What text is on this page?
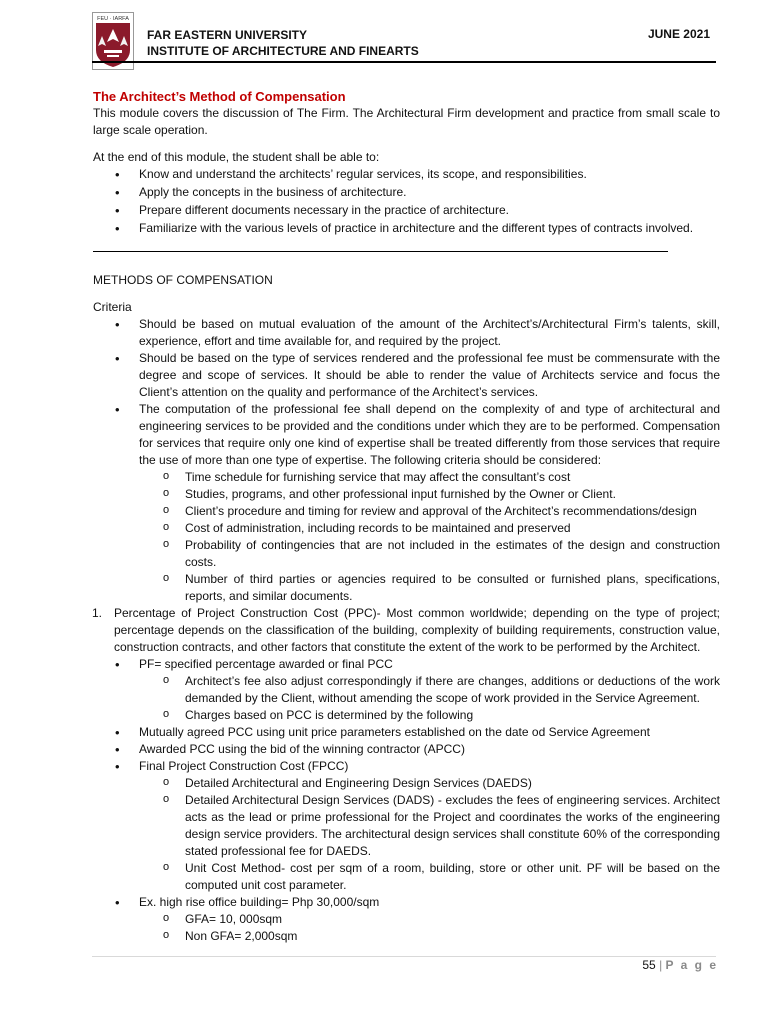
FEU · IARFA
FAR EASTERN UNIVERSITY
INSTITUTE OF ARCHITECTURE AND FINEARTS
JUNE 2021

The Architect’s Method of Compensation

This module covers the discussion of The Firm. The Architectural Firm development and practice from small scale to large scale operation.

At the end of this module, the student shall be able to:

• Know and understand the architects’ regular services, its scope, and responsibilities.
• Apply the concepts in the business of architecture.
• Prepare different documents necessary in the practice of architecture.
• Familiarize with the various levels of practice in architecture and the different types of contracts involved.

METHODS OF COMPENSATION

Criteria

• Should be based on mutual evaluation of the amount of the Architect’s/Architectural Firm’s talents, skill, experience, effort and time available for, and required by the project.
• Should be based on the type of services rendered and the professional fee must be commensurate with the degree and scope of services. It should be able to render the value of Architects service and focus the Client’s attention on the quality and performance of the Architect’s services.
• The computation of the professional fee shall depend on the complexity of and type of architectural and engineering services to be provided and the conditions under which they are to be performed. Compensation for services that require only one kind of expertise shall be treated differently from those services that require the use of more than one type of expertise. The following criteria should be considered:
o Time schedule for furnishing service that may affect the consultant’s cost
o Studies, programs, and other professional input furnished by the Owner or Client.
o Client’s procedure and timing for review and approval of the Architect’s recommendations/design
o Cost of administration, including records to be maintained and preserved
o Probability of contingencies that are not included in the estimates of the design and construction costs.
o Number of third parties or agencies required to be consulted or furnished plans, specifications, reports, and similar documents.
1. Percentage of Project Construction Cost (PPC)- Most common worldwide; depending on the type of project; percentage depends on the classification of the building, complexity of building requirements, construction value, construction contracts, and other factors that constitute the extent of the work to be performed by the Architect.
• PF= specified percentage awarded or final PCC
o Architect’s fee also adjust correspondingly if there are changes, additions or deductions of the work demanded by the Client, without amending the scope of work provided in the Service Agreement.
o Charges based on PCC is determined by the following
• Mutually agreed PCC using unit price parameters established on the date od Service Agreement
• Awarded PCC using the bid of the winning contractor (APCC)
• Final Project Construction Cost (FPCC)
o Detailed Architectural and Engineering Design Services (DAEDS)
o Detailed Architectural Design Services (DADS) - excludes the fees of engineering services. Architect acts as the lead or prime professional for the Project and coordinates the works of the engineering design service providers. The architectural design services shall constitute 60% of the corresponding stated professional fee for DAEDS.
o Unit Cost Method- cost per sqm of a room, building, store or other unit. PF will be based on the computed unit cost parameter.
• Ex. high rise office building= Php 30,000/sqm
o GFA= 10, 000sqm
o Non GFA= 2,000sqm
55 | P a g e
